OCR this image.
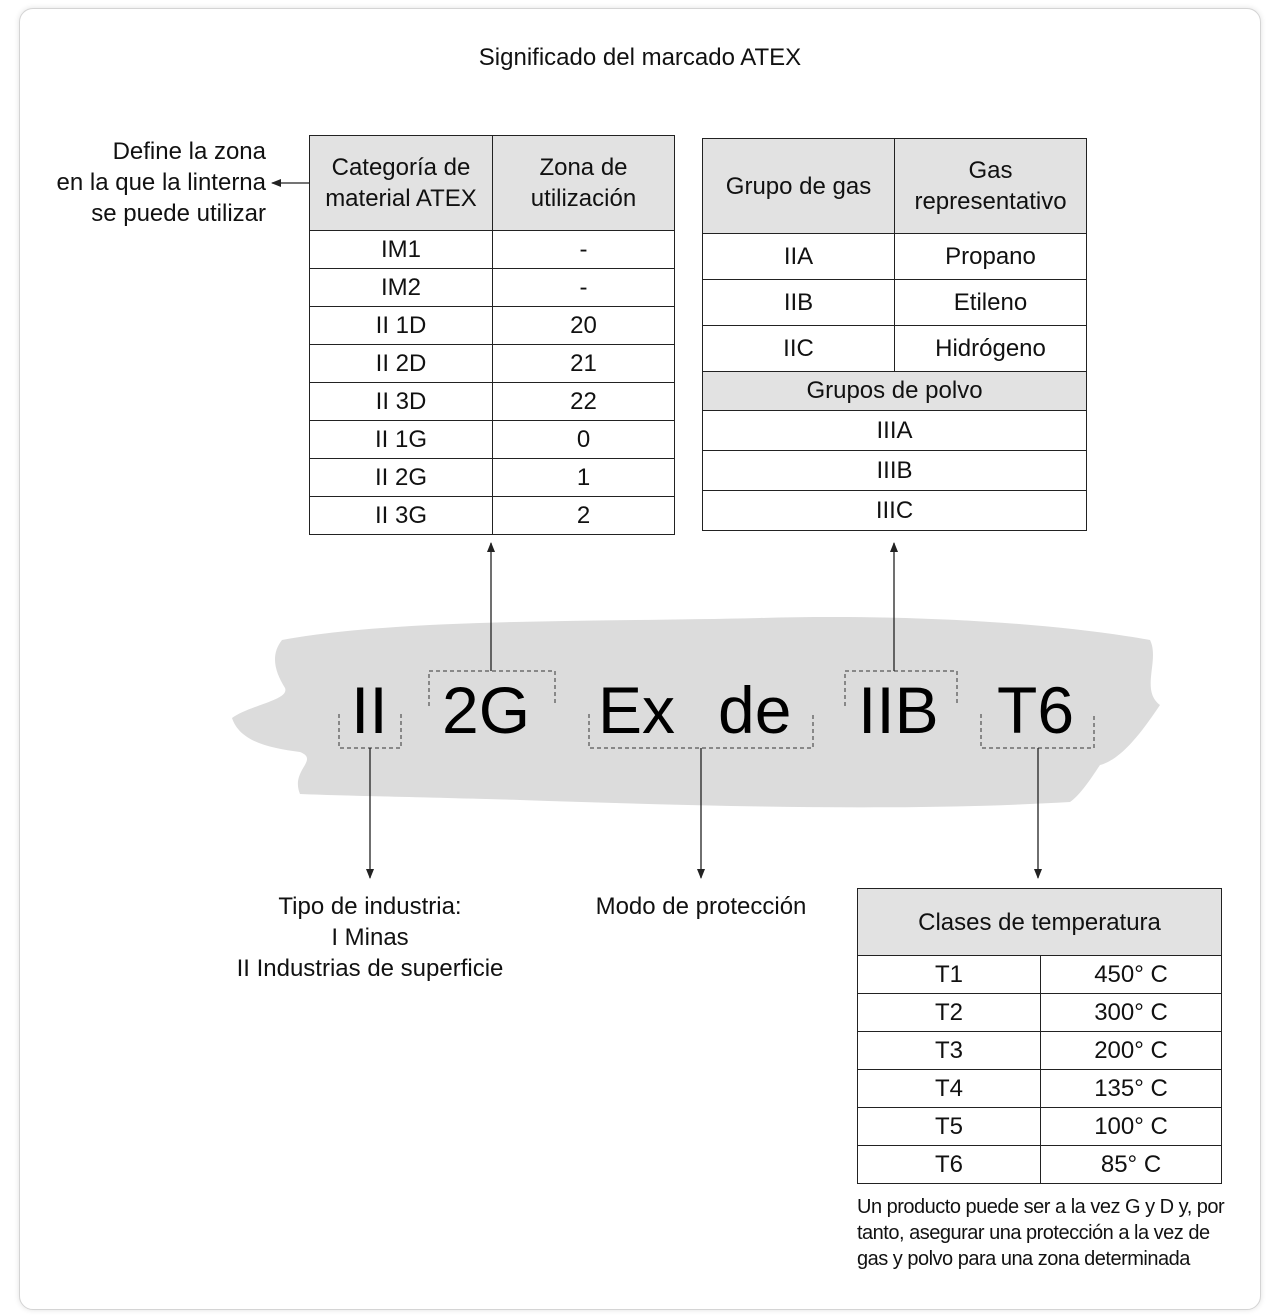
Significado del marcado ATEX
Define la zona
en la que la linterna
se puede utilizar
Categoría de material ATEX	Zona de utilización
IM1	-
IM2	-
II 1D	20
II 2D	21
II 3D	22
II 1G	0
II 2G	1
II 3G	2
Grupo de gas	Gas representativo
IIA	Propano
IIB	Etileno
IIC	Hidrógeno
Grupos de polvo	
IIIA	
IIIB	
IIIC	
II 2G Ex de IIB T6
Tipo de industria:
I Minas
II Industrias de superficie
Modo de protección
Clases de temperatura	
T1	450° C
T2	300° C
T3	200° C
T4	135° C
T5	100° C
T6	85° C
Un producto puede ser a la vez G y D y, por tanto, asegurar una protección a la vez de gas y polvo para una zona determinada
